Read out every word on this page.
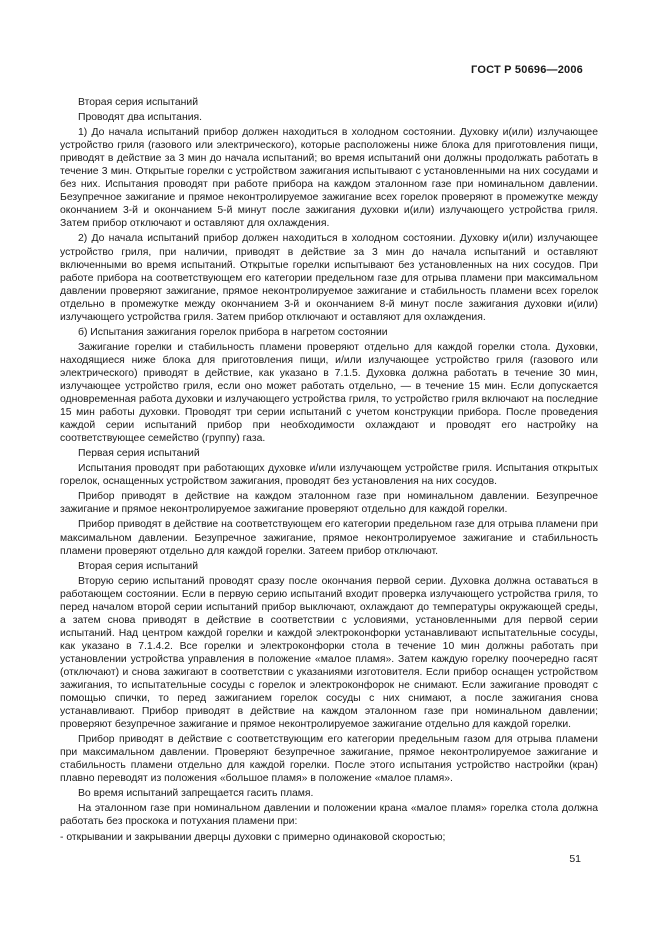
ГОСТ Р 50696—2006

Вторая серия испытаний

Проводят два испытания.

1) До начала испытаний прибор должен находиться в холодном состоянии. Духовку и(или) излучающее устройство гриля (газового или электрического), которые расположены ниже блока для приготовления пищи, приводят в действие за 3 мин до начала испытаний; во время испытаний они должны продолжать работать в течение 3 мин. Открытые горелки с устройством зажигания испытывают с установленными на них сосудами и без них. Испытания проводят при работе прибора на каждом эталонном газе при номинальном давлении. Безупречное зажигание и прямое неконтролируемое зажигание всех горелок проверяют в промежутке между окончанием 3-й и окончанием 5-й минут после зажигания духовки и(или) излучающего устройства гриля. Затем прибор отключают и оставляют для охлаждения.

2) До начала испытаний прибор должен находиться в холодном состоянии. Духовку и(или) излучающее устройство гриля, при наличии, приводят в действие за 3 мин до начала испытаний и оставляют включенными во время испытаний. Открытые горелки испытывают без установленных на них сосудов. При работе прибора на соответствующем его категории предельном газе для отрыва пламени при максимальном давлении проверяют зажигание, прямое неконтролируемое зажигание и стабильность пламени всех горелок отдельно в промежутке между окончанием 3-й и окончанием 8-й минут после зажигания духовки и(или) излучающего устройства гриля. Затем прибор отключают и оставляют для охлаждения.

б) Испытания зажигания горелок прибора в нагретом состоянии

Зажигание горелки и стабильность пламени проверяют отдельно для каждой горелки стола. Духовки, находящиеся ниже блока для приготовления пищи, и/или излучающее устройство гриля (газового или электрического) приводят в действие, как указано в 7.1.5. Духовка должна работать в течение 30 мин, излучающее устройство гриля, если оно может работать отдельно, — в течение 15 мин. Если допускается одновременная работа духовки и излучающего устройства гриля, то устройство гриля включают на последние 15 мин работы духовки. Проводят три серии испытаний с учетом конструкции прибора. После проведения каждой серии испытаний прибор при необходимости охлаждают и проводят его настройку на соответствующее семейство (группу) газа.

Первая серия испытаний

Испытания проводят при работающих духовке и/или излучающем устройстве гриля. Испытания открытых горелок, оснащенных устройством зажигания, проводят без установления на них сосудов.

Прибор приводят в действие на каждом эталонном газе при номинальном давлении. Безупречное зажигание и прямое неконтролируемое зажигание проверяют отдельно для каждой горелки.

Прибор приводят в действие на соответствующем его категории предельном газе для отрыва пламени при максимальном давлении. Безупречное зажигание, прямое неконтролируемое зажигание и стабильность пламени проверяют отдельно для каждой горелки. Затеем прибор отключают.

Вторая серия испытаний

Вторую серию испытаний проводят сразу после окончания первой серии. Духовка должна оставаться в работающем состоянии. Если в первую серию испытаний входит проверка излучающего устройства гриля, то перед началом второй серии испытаний прибор выключают, охлаждают до температуры окружающей среды, а затем снова приводят в действие в соответствии с условиями, установленными для первой серии испытаний. Над центром каждой горелки и каждой электроконфорки устанавливают испытательные сосуды, как указано в 7.1.4.2. Все горелки и электроконфорки стола в течение 10 мин должны работать при установлении устройства управления в положение «малое пламя». Затем каждую горелку поочередно гасят (отключают) и снова зажигают в соответствии с указаниями изготовителя. Если прибор оснащен устройством зажигания, то испытательные сосуды с горелок и электроконфорок не снимают. Если зажигание проводят с помощью спички, то перед зажиганием горелок сосуды с них снимают, а после зажигания снова устанавливают. Прибор приводят в действие на каждом эталонном газе при номинальном давлении; проверяют безупречное зажигание и прямое неконтролируемое зажигание отдельно для каждой горелки.

Прибор приводят в действие с соответствующим его категории предельным газом для отрыва пламени при максимальном давлении. Проверяют безупречное зажигание, прямое неконтролируемое зажигание и стабильность пламени отдельно для каждой горелки. После этого испытания устройство настройки (кран) плавно переводят из положения «большое пламя» в положение «малое пламя».

Во время испытаний запрещается гасить пламя.

На эталонном газе при номинальном давлении и положении крана «малое пламя» горелка стола должна работать без проскока и потухания пламени при:

- открывании и закрывании дверцы духовки с примерно одинаковой скоростью;

51
